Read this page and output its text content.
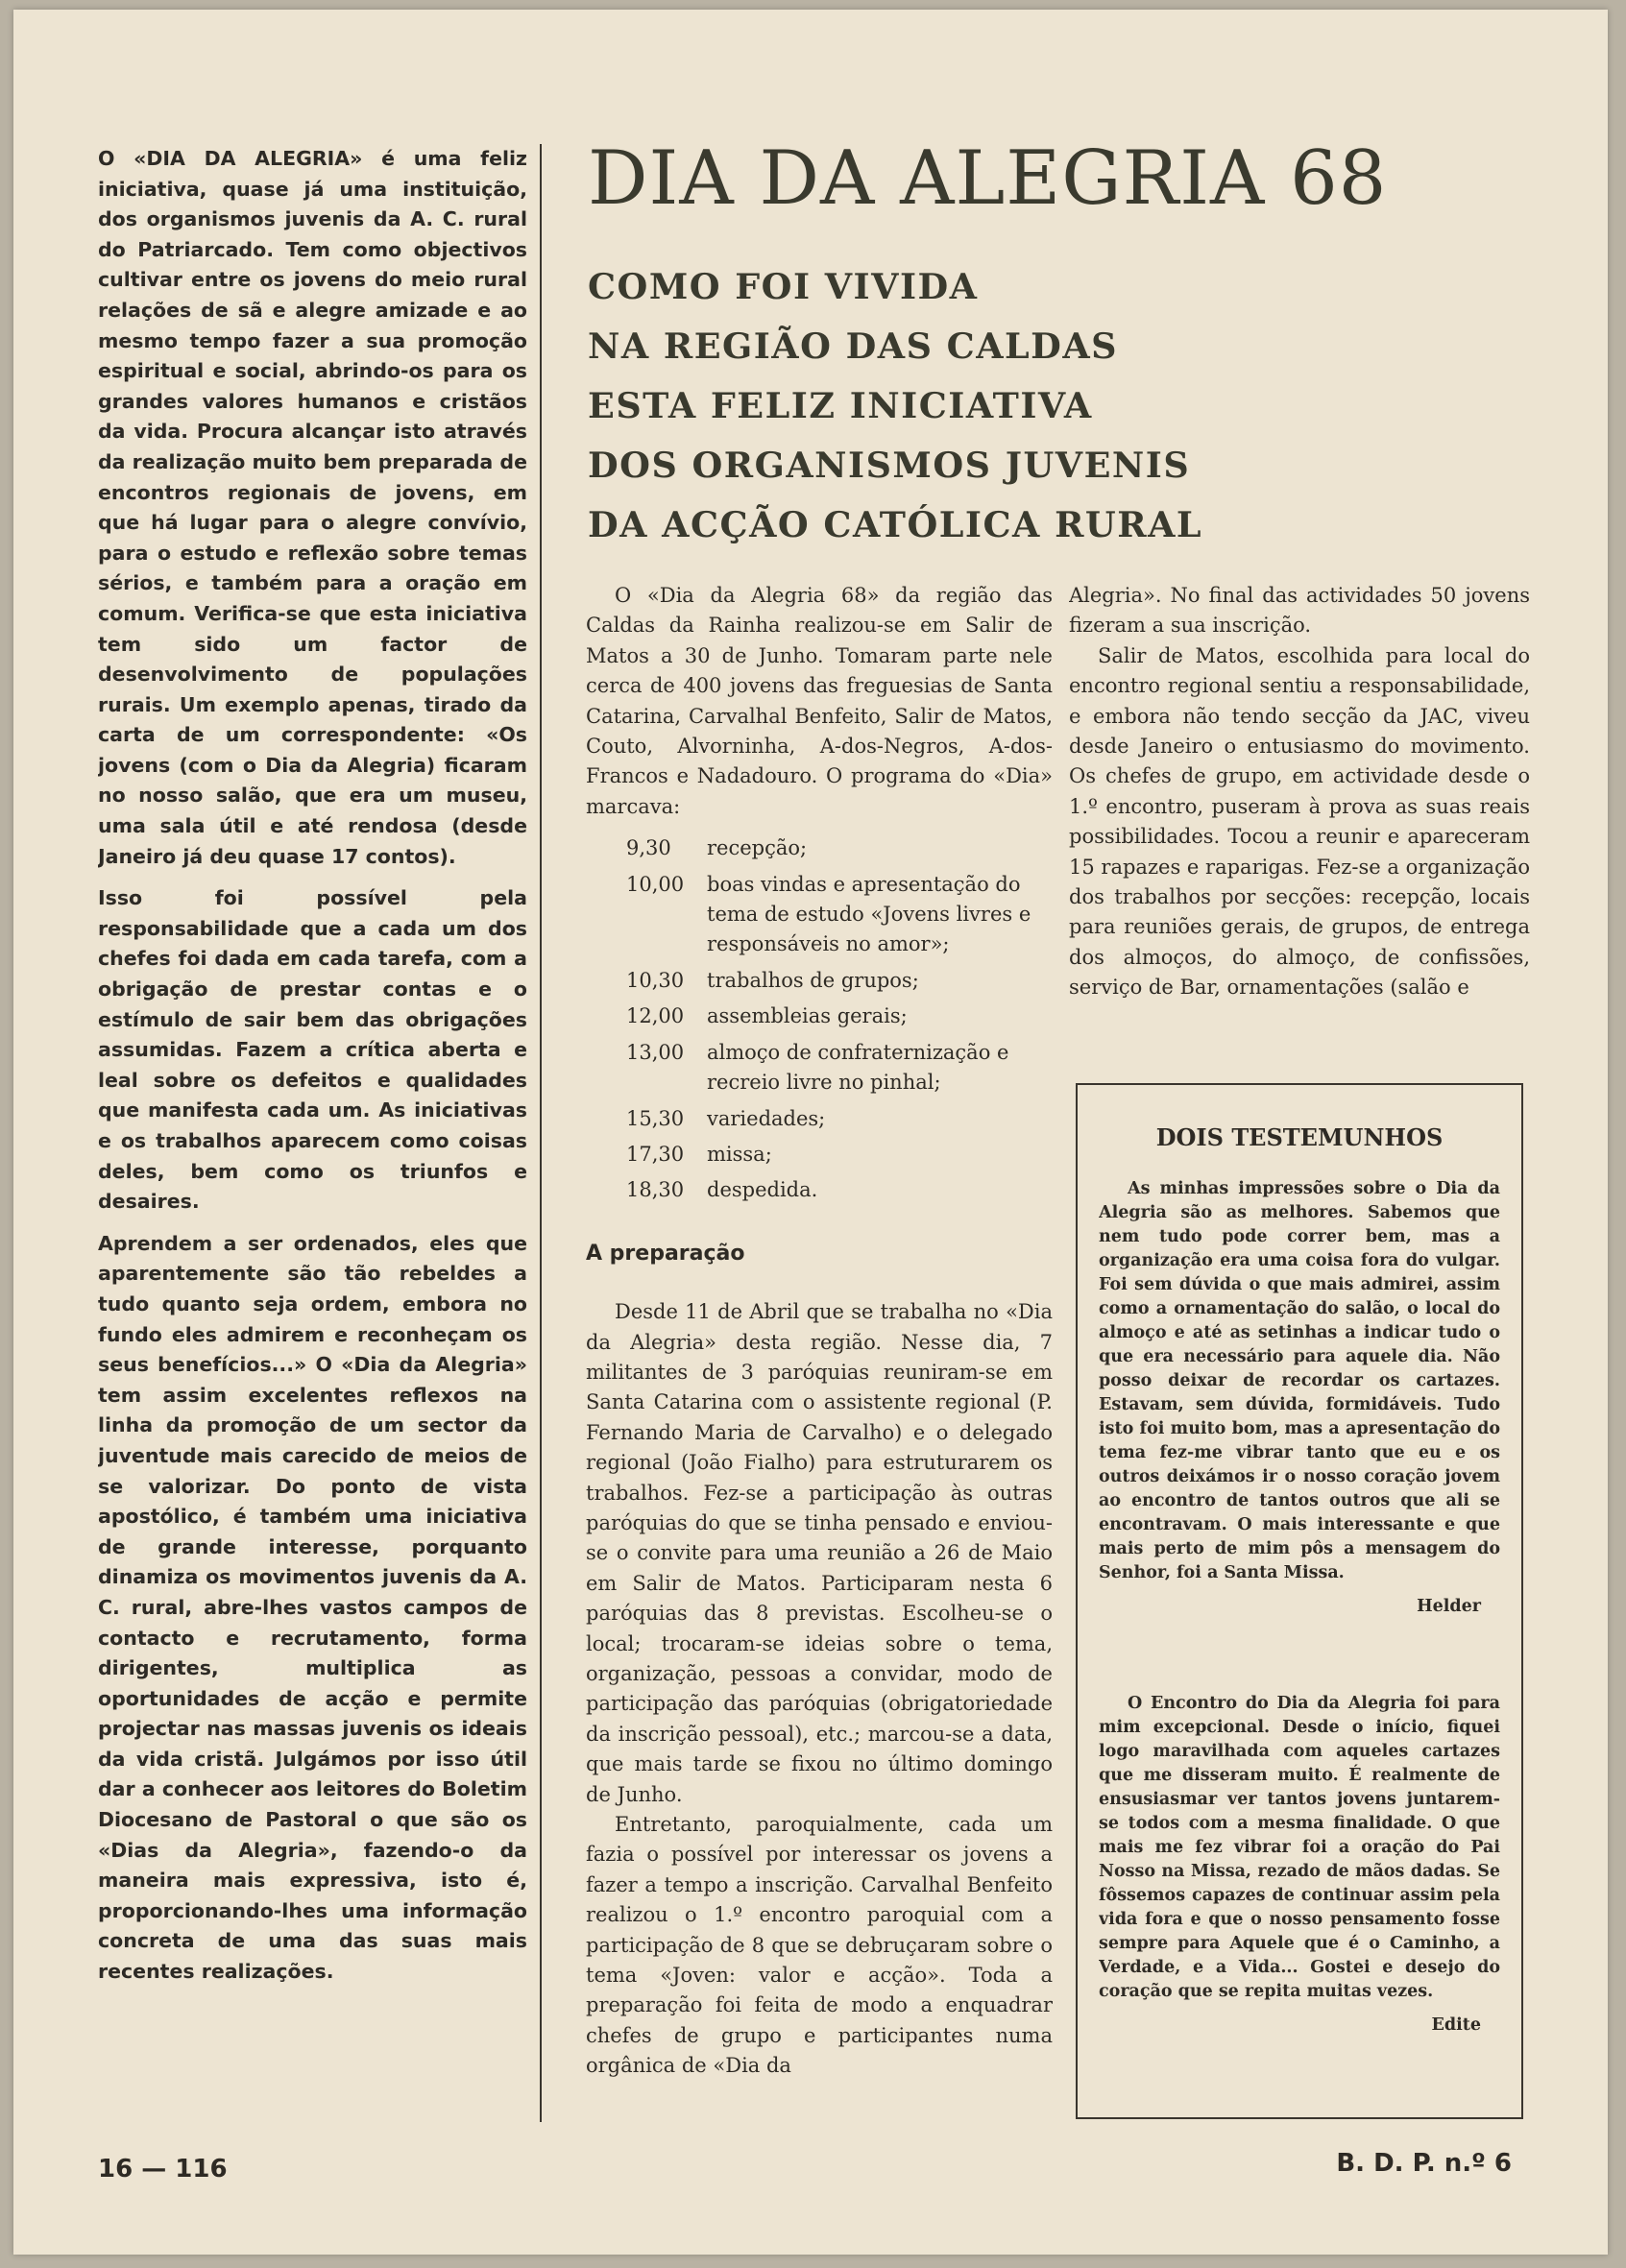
O «DIA DA ALEGRIA» é uma feliz iniciativa, quase já uma instituição, dos organismos juvenis da A. C. rural do Patriarcado. Tem como objectivos cultivar entre os jovens do meio rural relações de sã e alegre amizade e ao mesmo tempo fazer a sua promoção espiritual e social, abrindo-os para os grandes valores humanos e cristãos da vida. Procura alcançar isto através da realização muito bem preparada de encontros regionais de jovens, em que há lugar para o alegre convívio, para o estudo e reflexão sobre temas sérios, e também para a oração em comum. Verifica-se que esta iniciativa tem sido um factor de desenvolvimento de populações rurais. Um exemplo apenas, tirado da carta de um correspondente: «Os jovens (com o Dia da Alegria) ficaram no nosso salão, que era um museu, uma sala útil e até rendosa (desde Janeiro já deu quase 17 contos).

Isso foi possível pela responsabilidade que a cada um dos chefes foi dada em cada tarefa, com a obrigação de prestar contas e o estímulo de sair bem das obrigações assumidas. Fazem a crítica aberta e leal sobre os defeitos e qualidades que manifesta cada um. As iniciativas e os trabalhos aparecem como coisas deles, bem como os triunfos e desaires.

Aprendem a ser ordenados, eles que aparentemente são tão rebeldes a tudo quanto seja ordem, embora no fundo eles admirem e reconheçam os seus benefícios...» O «Dia da Alegria» tem assim excelentes reflexos na linha da promoção de um sector da juventude mais carecido de meios de se valorizar. Do ponto de vista apostólico, é também uma iniciativa de grande interesse, porquanto dinamiza os movimentos juvenis da A. C. rural, abre-lhes vastos campos de contacto e recrutamento, forma dirigentes, multiplica as oportunidades de acção e permite projectar nas massas juvenis os ideais da vida cristã. Julgámos por isso útil dar a conhecer aos leitores do Boletim Diocesano de Pastoral o que são os «Dias da Alegria», fazendo-o da maneira mais expressiva, isto é, proporcionando-lhes uma informação concreta de uma das suas mais recentes realizações.

DIA DA ALEGRIA 68
COMO FOI VIVIDA
NA REGIÃO DAS CALDAS
ESTA FELIZ INICIATIVA
DOS ORGANISMOS JUVENIS
DA ACÇÃO CATÓLICA RURAL

O «Dia da Alegria 68» da região das Caldas da Rainha realizou-se em Salir de Matos a 30 de Junho. Tomaram parte nele cerca de 400 jovens das freguesias de Santa Catarina, Carvalhal Benfeito, Salir de Matos, Couto, Alvorninha, A-dos-Negros, A-dos-Francos e Nadadouro. O programa do «Dia» marcava:

9,30	recepção;
10,00	boas vindas e apresentação do tema de estudo «Jovens livres e responsáveis no amor»;
10,30	trabalhos de grupos;
12,00	assembleias gerais;
13,00	almoço de confraternização e recreio livre no pinhal;
15,30	variedades;
17,30	missa;
18,30	despedida.
A preparação

Desde 11 de Abril que se trabalha no «Dia da Alegria» desta região. Nesse dia, 7 militantes de 3 paróquias reuniram-se em Santa Catarina com o assistente regional (P. Fernando Maria de Carvalho) e o delegado regional (João Fialho) para estruturarem os trabalhos. Fez-se a participação às outras paróquias do que se tinha pensado e enviou-se o convite para uma reunião a 26 de Maio em Salir de Matos. Participaram nesta 6 paróquias das 8 previstas. Escolheu-se o local; trocaram-se ideias sobre o tema, organização, pessoas a convidar, modo de participação das paróquias (obrigatoriedade da inscrição pessoal), etc.; marcou-se a data, que mais tarde se fixou no último domingo de Junho.

Entretanto, paroquialmente, cada um fazia o possível por interessar os jovens a fazer a tempo a inscrição. Carvalhal Benfeito realizou o 1.º encontro paroquial com a participação de 8 que se debruçaram sobre o tema «Joven: valor e acção». Toda a preparação foi feita de modo a enquadrar chefes de grupo e participantes numa orgânica de «Dia da

Alegria». No final das actividades 50 jovens fizeram a sua inscrição.

Salir de Matos, escolhida para local do encontro regional sentiu a responsabilidade, e embora não tendo secção da JAC, viveu desde Janeiro o entusiasmo do movimento. Os chefes de grupo, em actividade desde o 1.º encontro, puseram à prova as suas reais possibilidades. Tocou a reunir e apareceram 15 rapazes e raparigas. Fez-se a organização dos trabalhos por secções: recepção, locais para reuniões gerais, de grupos, de entrega dos almoços, do almoço, de confissões, serviço de Bar, ornamentações (salão e

DOIS TESTEMUNHOS

As minhas impressões sobre o Dia da Alegria são as melhores. Sabemos que nem tudo pode correr bem, mas a organização era uma coisa fora do vulgar. Foi sem dúvida o que mais admirei, assim como a ornamentação do salão, o local do almoço e até as setinhas a indicar tudo o que era necessário para aquele dia. Não posso deixar de recordar os cartazes. Estavam, sem dúvida, formidáveis. Tudo isto foi muito bom, mas a apresentação do tema fez-me vibrar tanto que eu e os outros deixámos ir o nosso coração jovem ao encontro de tantos outros que ali se encontravam. O mais interessante e que mais perto de mim pôs a mensagem do Senhor, foi a Santa Missa.

Helder

O Encontro do Dia da Alegria foi para mim excepcional. Desde o início, fiquei logo maravilhada com aqueles cartazes que me disseram muito. É realmente de ensusiasmar ver tantos jovens juntarem-se todos com a mesma finalidade. O que mais me fez vibrar foi a oração do Pai Nosso na Missa, rezado de mãos dadas. Se fôssemos capazes de continuar assim pela vida fora e que o nosso pensamento fosse sempre para Aquele que é o Caminho, a Verdade, e a Vida... Gostei e desejo do coração que se repita muitas vezes.

Edite

16 — 116	B. D. P. n.º 6
